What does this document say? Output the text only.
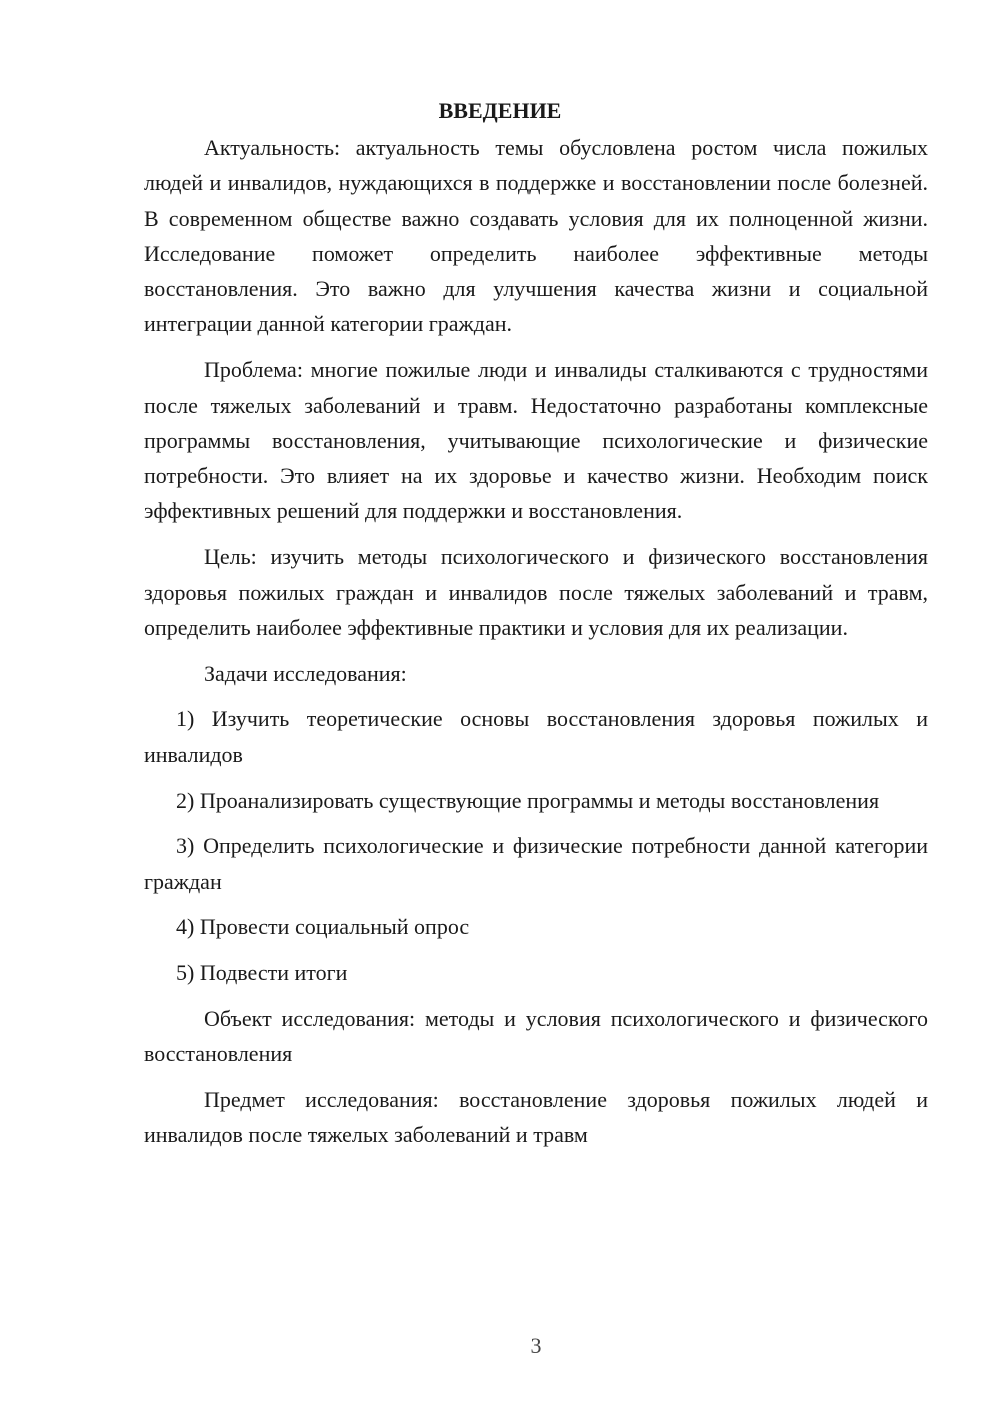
ВВЕДЕНИЕ

Актуальность: актуальность темы обусловлена ростом числа пожилых людей и инвалидов, нуждающихся в поддержке и восстановлении после болезней. В современном обществе важно создавать условия для их полноценной жизни. Исследование поможет определить наиболее эффективные методы восстановления. Это важно для улучшения качества жизни и социальной интеграции данной категории граждан.

Проблема: многие пожилые люди и инвалиды сталкиваются с трудностями после тяжелых заболеваний и травм. Недостаточно разработаны комплексные программы восстановления, учитывающие психологические и физические потребности. Это влияет на их здоровье и качество жизни. Необходим поиск эффективных решений для поддержки и восстановления.

Цель: изучить методы психологического и физического восстановления здоровья пожилых граждан и инвалидов после тяжелых заболеваний и травм, определить наиболее эффективные практики и условия для их реализации.

Задачи исследования:

1) Изучить теоретические основы восстановления здоровья пожилых и инвалидов

2) Проанализировать существующие программы и методы восстановления

3) Определить психологические и физические потребности данной категории граждан

4) Провести социальный опрос

5) Подвести итоги

Объект исследования: методы и условия психологического и физического восстановления

Предмет исследования: восстановление здоровья пожилых людей и инвалидов после тяжелых заболеваний и травм

3
